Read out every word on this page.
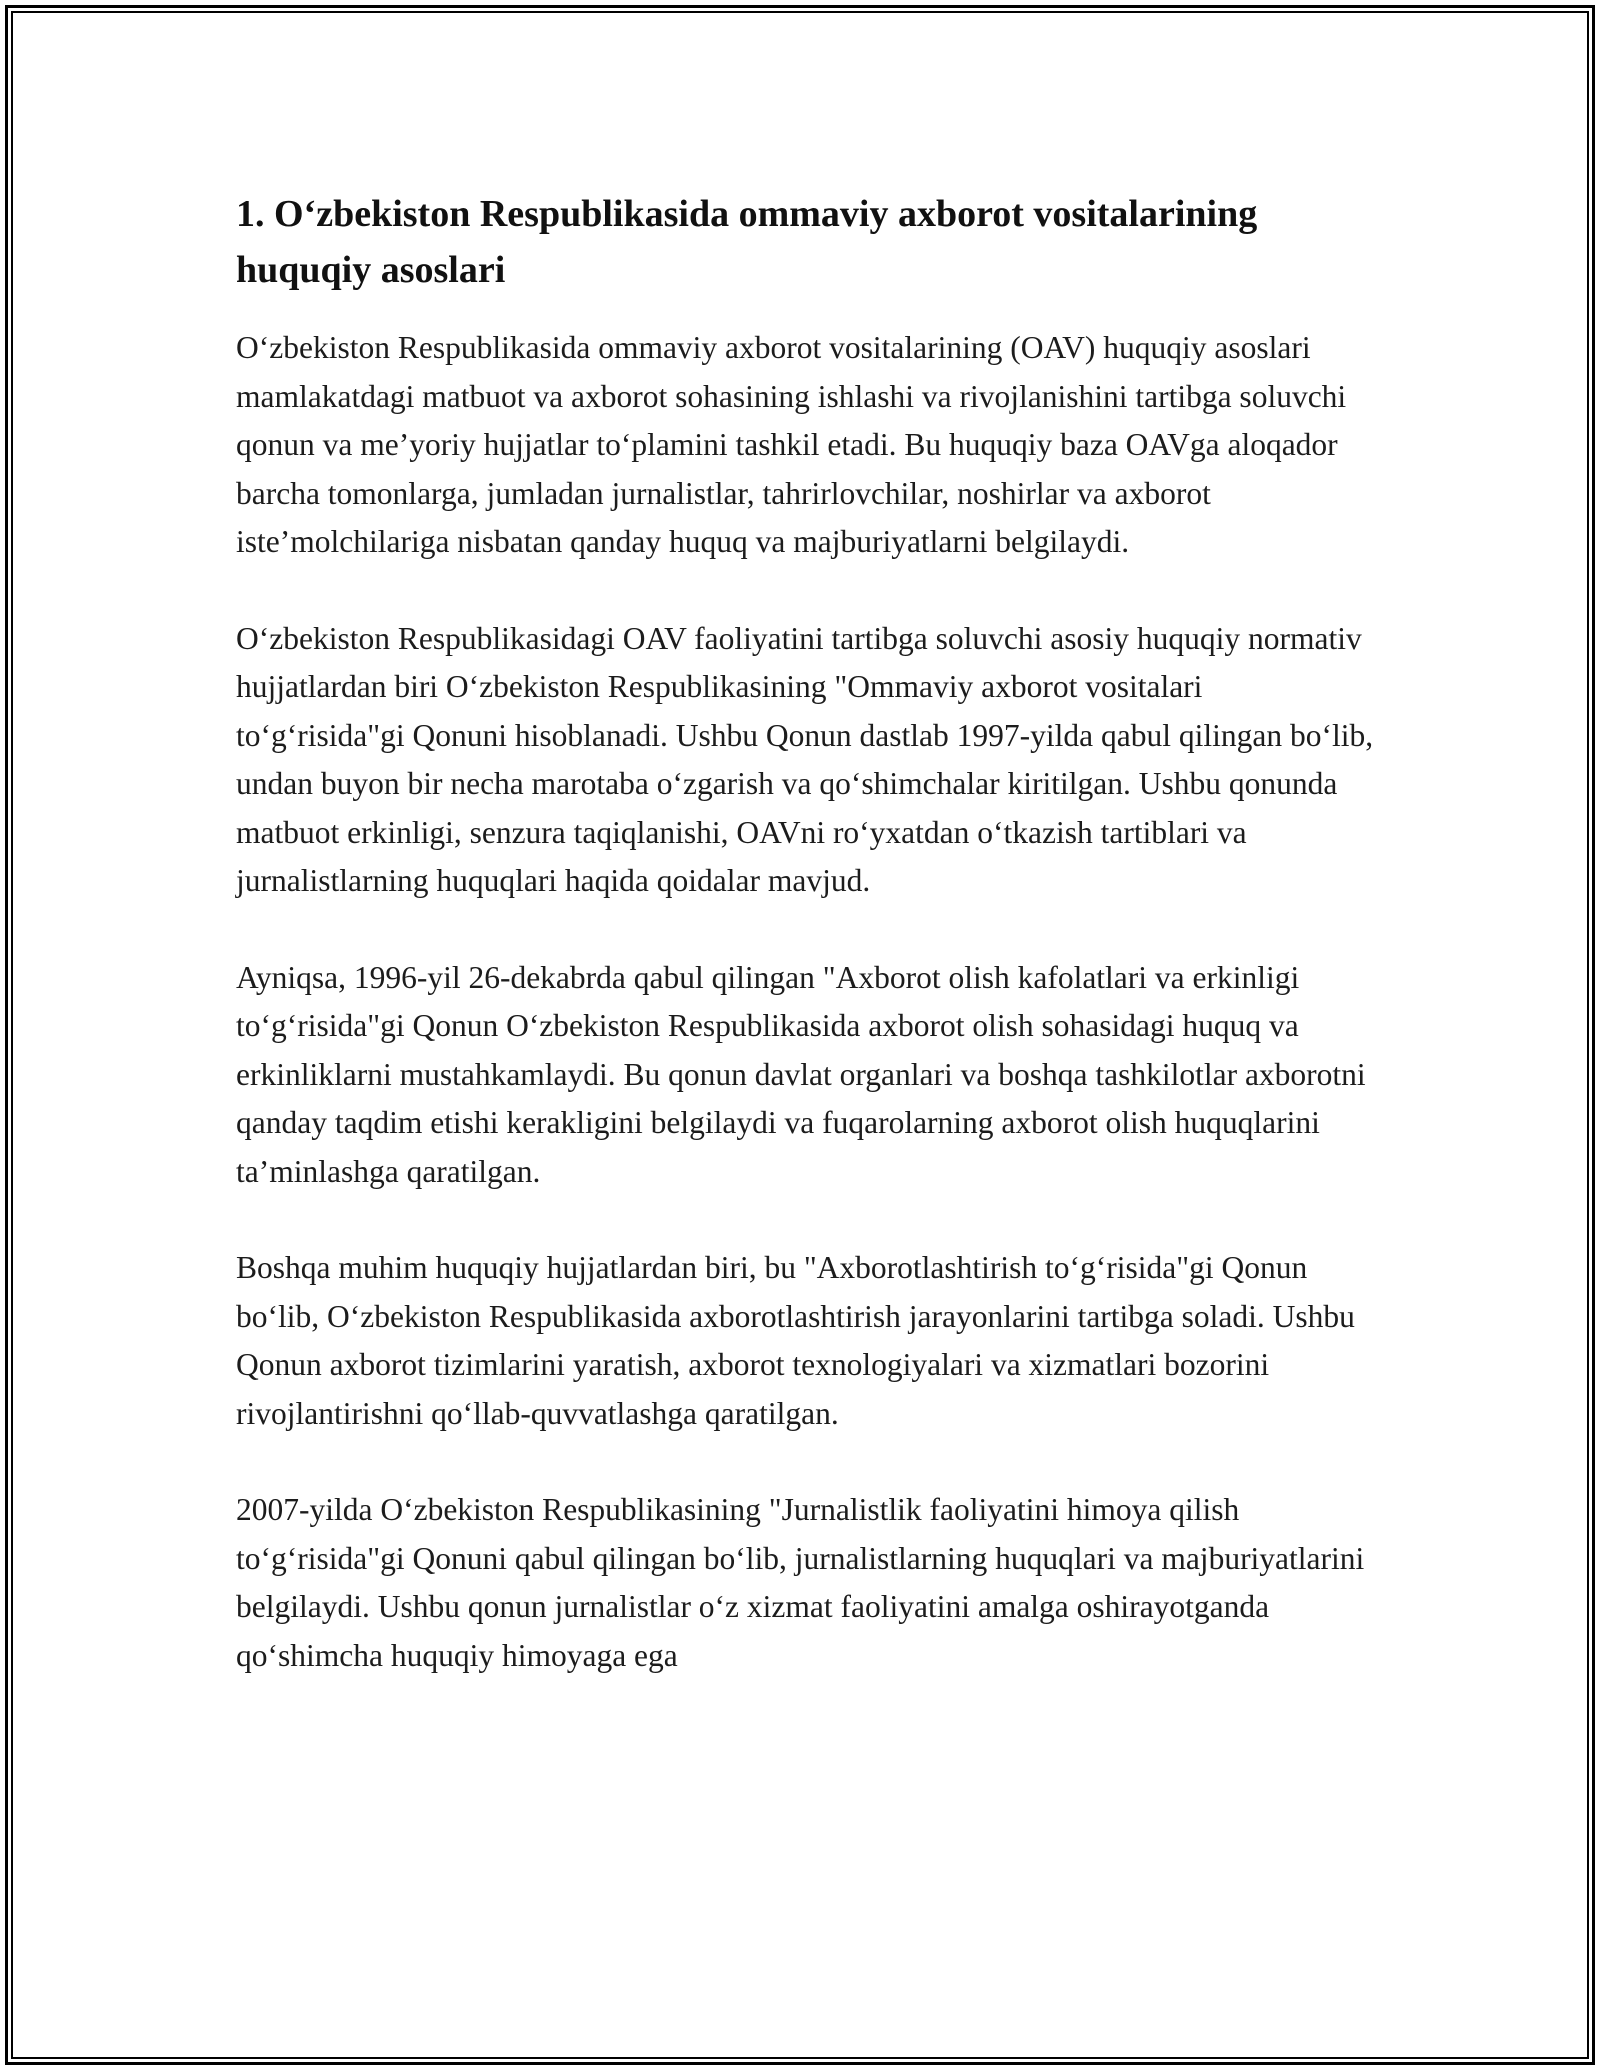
1. O‘zbekiston Respublikasida ommaviy axborot vositalarining huquqiy asoslari

O‘zbekiston Respublikasida ommaviy axborot vositalarining (OAV) huquqiy asoslari mamlakatdagi matbuot va axborot sohasining ishlashi va rivojlanishini tartibga soluvchi qonun va me’yoriy hujjatlar to‘plamini tashkil etadi. Bu huquqiy baza OAVga aloqador barcha tomonlarga, jumladan jurnalistlar, tahrirlovchilar, noshirlar va axborot iste’molchilariga nisbatan qanday huquq va majburiyatlarni belgilaydi.

O‘zbekiston Respublikasidagi OAV faoliyatini tartibga soluvchi asosiy huquqiy normativ hujjatlardan biri O‘zbekiston Respublikasining "Ommaviy axborot vositalari to‘g‘risida"gi Qonuni hisoblanadi. Ushbu Qonun dastlab 1997-yilda qabul qilingan bo‘lib, undan buyon bir necha marotaba o‘zgarish va qo‘shimchalar kiritilgan. Ushbu qonunda matbuot erkinligi, senzura taqiqlanishi, OAVni ro‘yxatdan o‘tkazish tartiblari va jurnalistlarning huquqlari haqida qoidalar mavjud.

Ayniqsa, 1996-yil 26-dekabrda qabul qilingan "Axborot olish kafolatlari va erkinligi to‘g‘risida"gi Qonun O‘zbekiston Respublikasida axborot olish sohasidagi huquq va erkinliklarni mustahkamlaydi. Bu qonun davlat organlari va boshqa tashkilotlar axborotni qanday taqdim etishi kerakligini belgilaydi va fuqarolarning axborot olish huquqlarini ta’minlashga qaratilgan.

Boshqa muhim huquqiy hujjatlardan biri, bu "Axborotlashtirish to‘g‘risida"gi Qonun bo‘lib, O‘zbekiston Respublikasida axborotlashtirish jarayonlarini tartibga soladi. Ushbu Qonun axborot tizimlarini yaratish, axborot texnologiyalari va xizmatlari bozorini rivojlantirishni qo‘llab-quvvatlashga qaratilgan.

2007-yilda O‘zbekiston Respublikasining "Jurnalistlik faoliyatini himoya qilish to‘g‘risida"gi Qonuni qabul qilingan bo‘lib, jurnalistlarning huquqlari va majburiyatlarini belgilaydi. Ushbu qonun jurnalistlar o‘z xizmat faoliyatini amalga oshirayotganda qo‘shimcha huquqiy himoyaga ega
